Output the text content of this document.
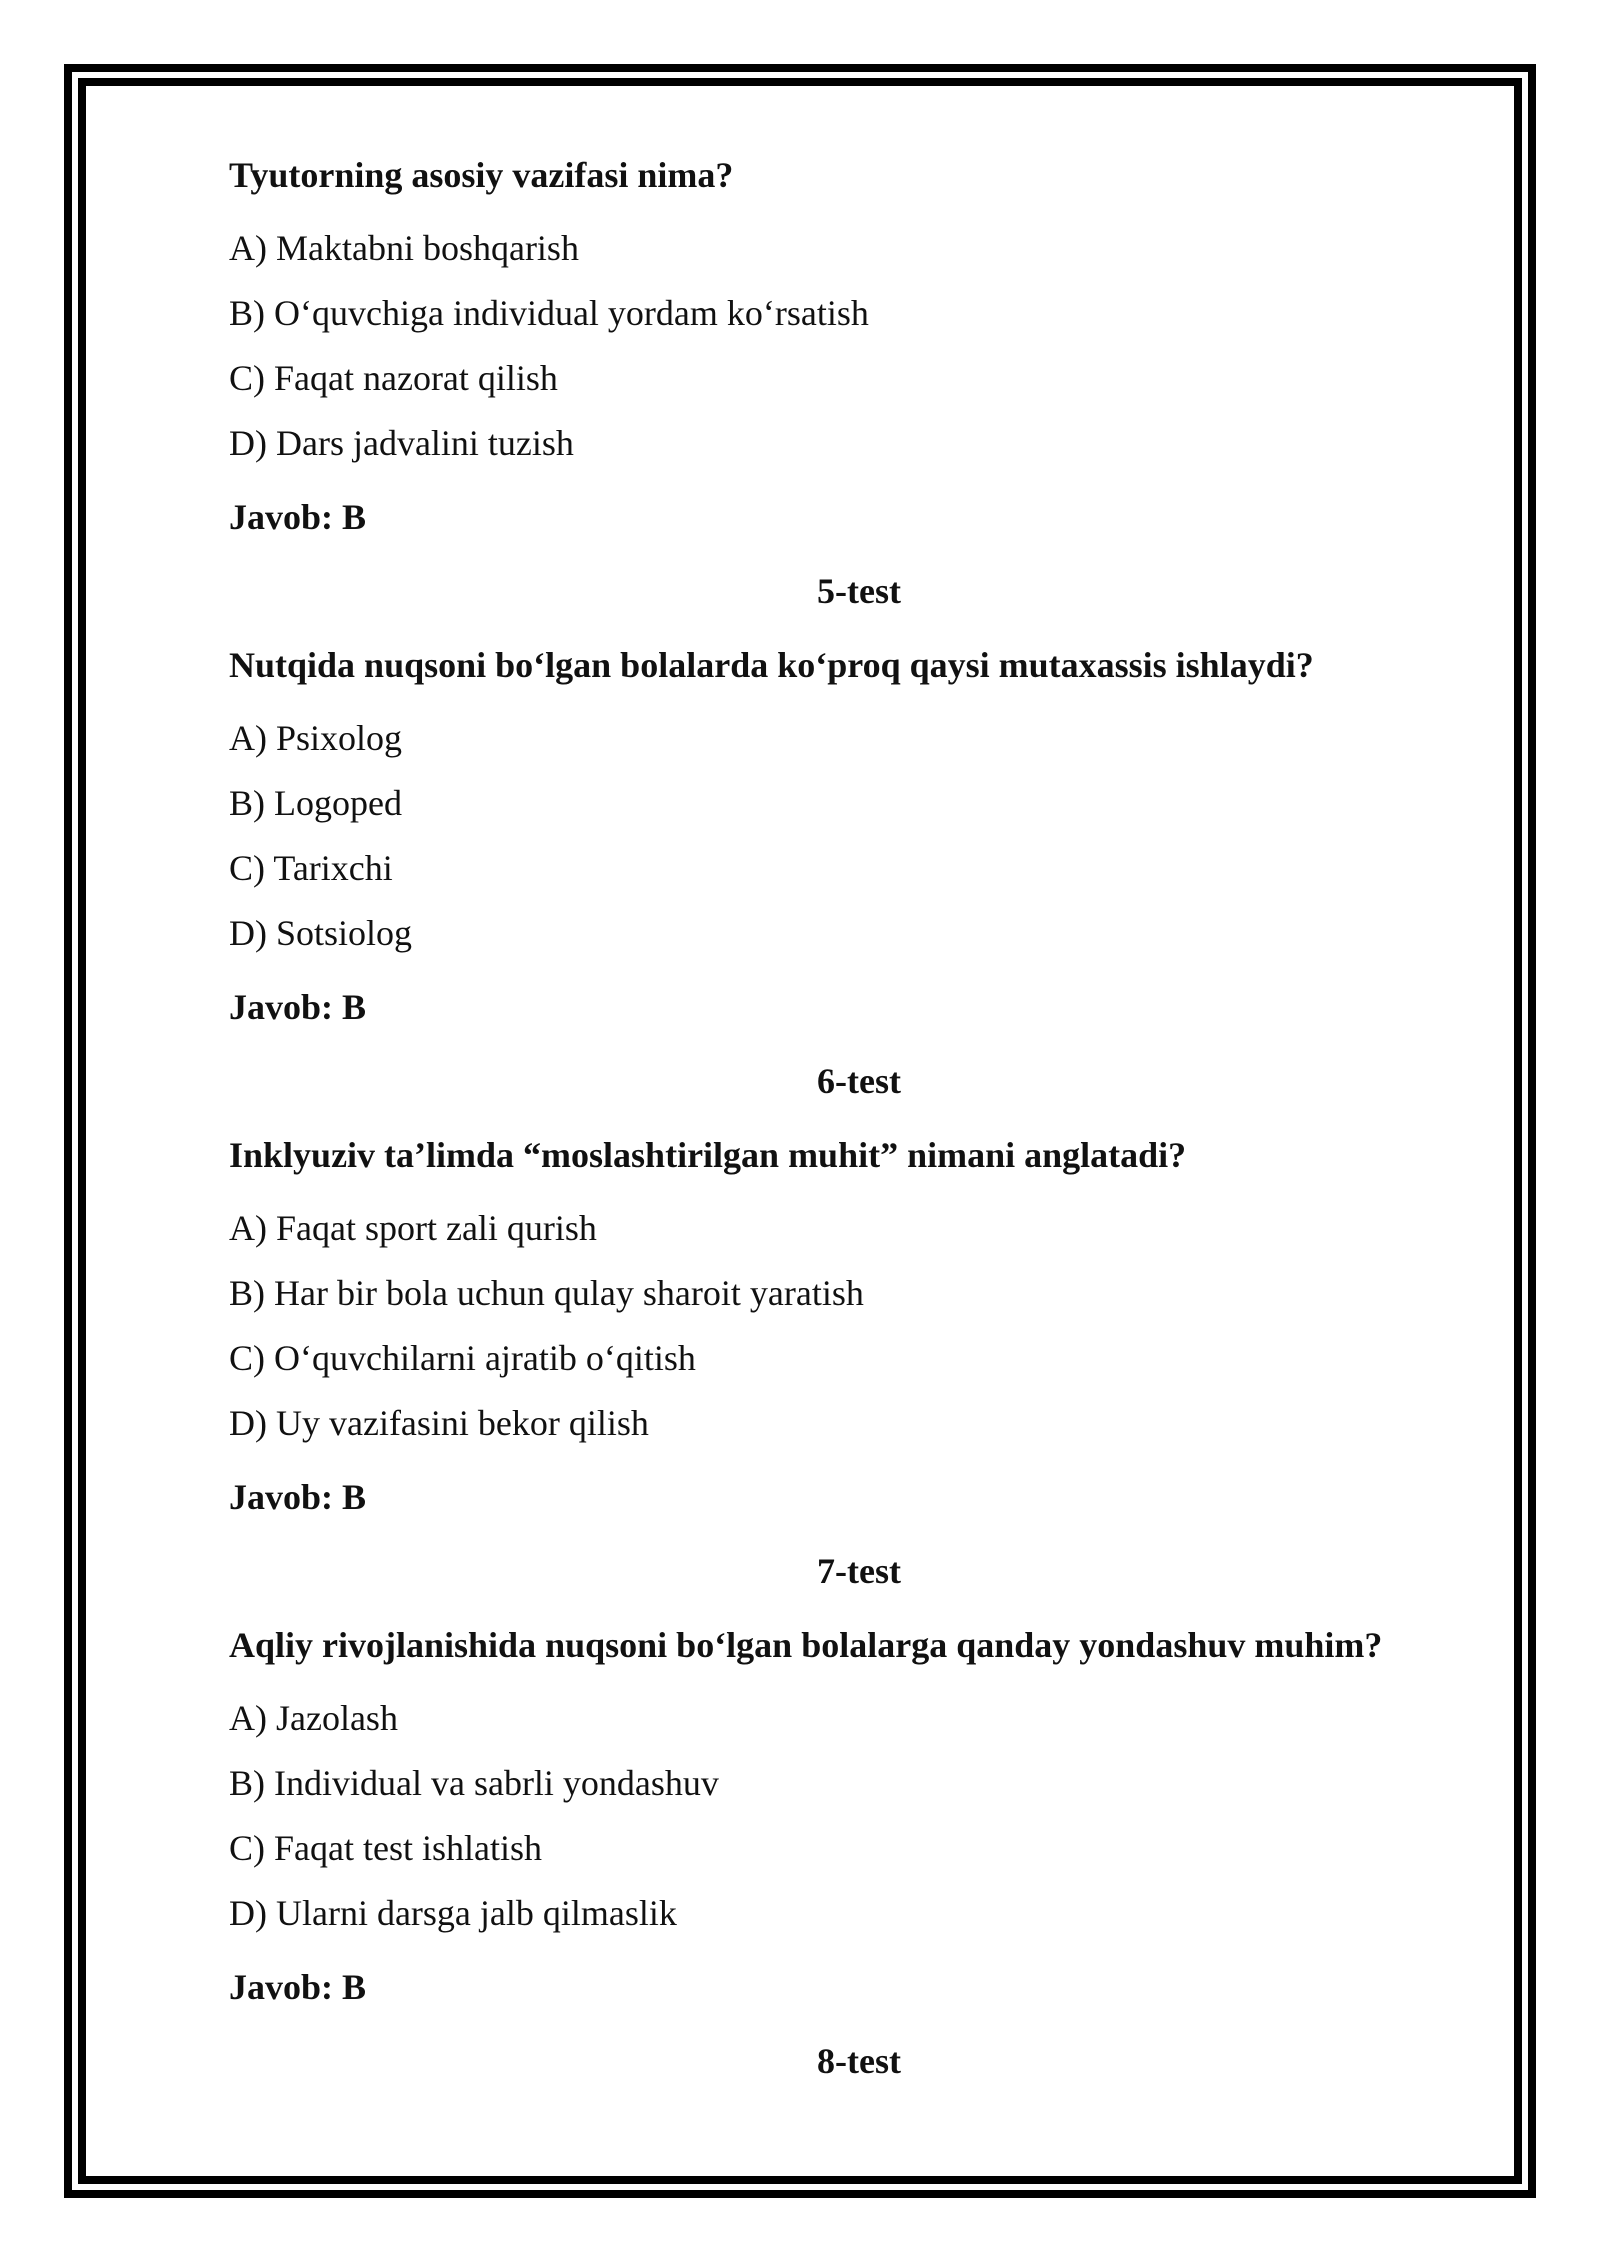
Tyutorning asosiy vazifasi nima?
A) Maktabni boshqarish
B) O‘quvchiga individual yordam ko‘rsatish
C) Faqat nazorat qilish
D) Dars jadvalini tuzish
Javob: B
5-test
Nutqida nuqsoni bo‘lgan bolalarda ko‘proq qaysi mutaxassis ishlaydi?
A) Psixolog
B) Logoped
C) Tarixchi
D) Sotsiolog
Javob: B
6-test
Inklyuziv ta’limda “moslashtirilgan muhit” nimani anglatadi?
A) Faqat sport zali qurish
B) Har bir bola uchun qulay sharoit yaratish
C) O‘quvchilarni ajratib o‘qitish
D) Uy vazifasini bekor qilish
Javob: B
7-test
Aqliy rivojlanishida nuqsoni bo‘lgan bolalarga qanday yondashuv muhim?
A) Jazolash
B) Individual va sabrli yondashuv
C) Faqat test ishlatish
D) Ularni darsga jalb qilmaslik
Javob: B
8-test
